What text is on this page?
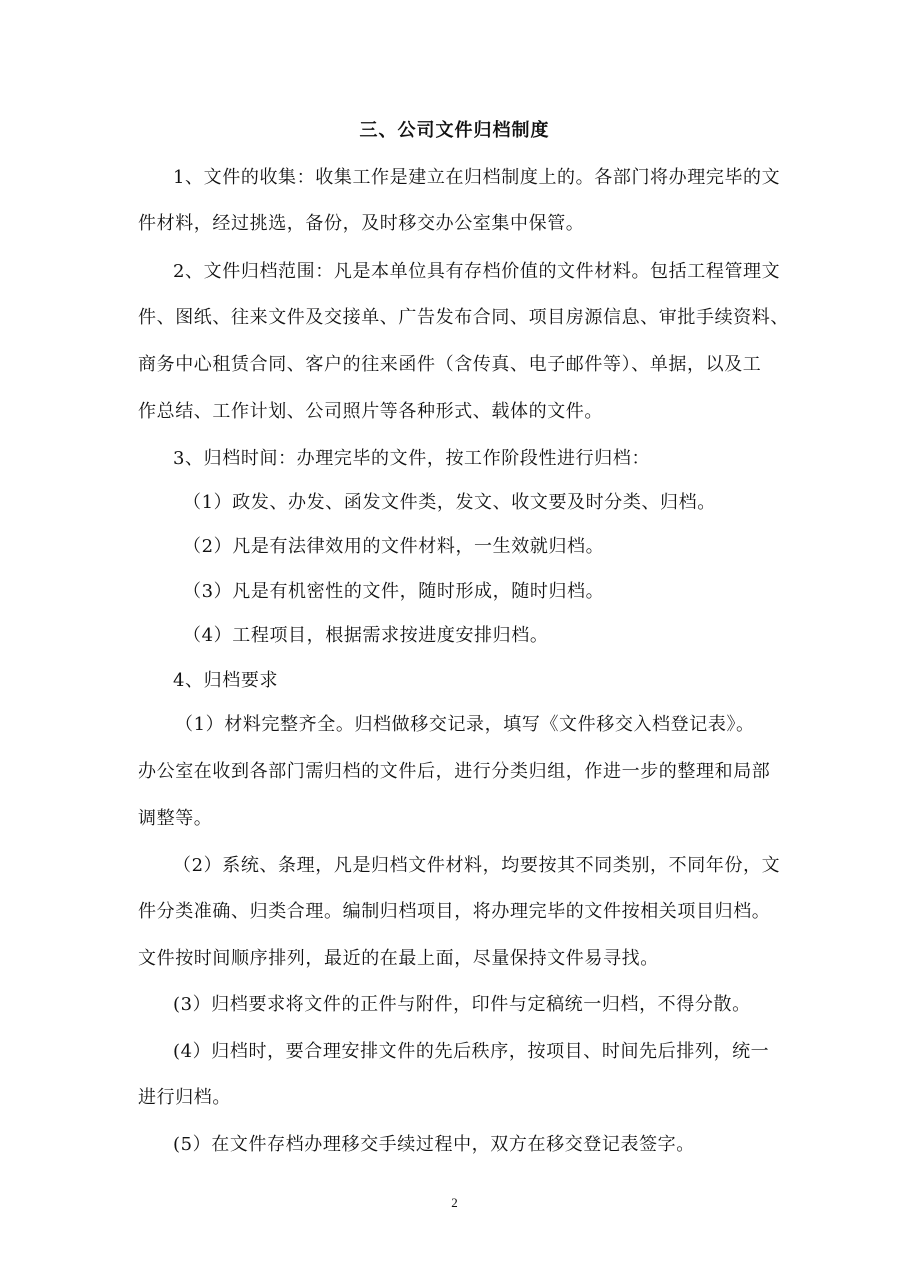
三、公司文件归档制度
1、文件的收集：收集工作是建立在归档制度上的。各部门将办理完毕的文
件材料，经过挑选，备份，及时移交办公室集中保管。
2、文件归档范围：凡是本单位具有存档价值的文件材料。包括工程管理文
件、图纸、往来文件及交接单、广告发布合同、项目房源信息、审批手续资料、
商务中心租赁合同、客户的往来函件（含传真、电子邮件等）、单据，以及工
作总结、工作计划、公司照片等各种形式、载体的文件。
3、归档时间：办理完毕的文件，按工作阶段性进行归档：
（1）政发、办发、函发文件类，发文、收文要及时分类、归档。
（2）凡是有法律效用的文件材料，一生效就归档。
（3）凡是有机密性的文件，随时形成，随时归档。
（4）工程项目，根据需求按进度安排归档。
4、归档要求
（1）材料完整齐全。归档做移交记录，填写《文件移交入档登记表》。
办公室在收到各部门需归档的文件后，进行分类归组，作进一步的整理和局部
调整等。
（2）系统、条理，凡是归档文件材料，均要按其不同类别，不同年份，文
件分类准确、归类合理。编制归档项目，将办理完毕的文件按相关项目归档。
文件按时间顺序排列，最近的在最上面，尽量保持文件易寻找。
(3）归档要求将文件的正件与附件，印件与定稿统一归档，不得分散。
(4）归档时，要合理安排文件的先后秩序，按项目、时间先后排列，统一
进行归档。
(5）在文件存档办理移交手续过程中，双方在移交登记表签字。
2
